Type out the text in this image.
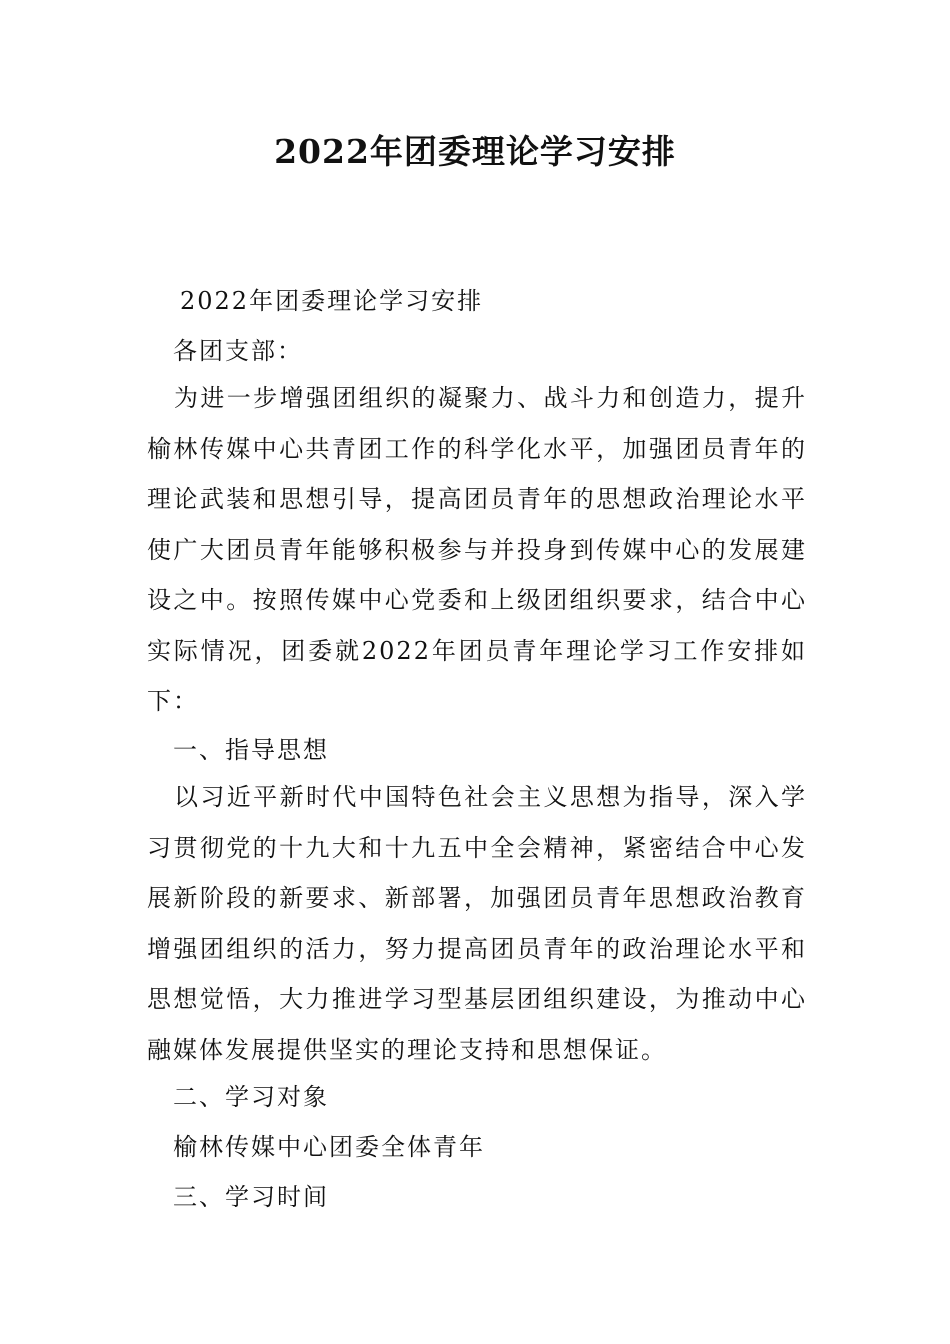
2022年团委理论学习安排
2022年团委理论学习安排
各团支部：
为进一步增强团组织的凝聚力、战斗力和创造力，提升榆林传媒中心共青团工作的科学化水平，加强团员青年的理论武装和思想引导，提高团员青年的思想政治理论水平使广大团员青年能够积极参与并投身到传媒中心的发展建设之中。按照传媒中心党委和上级团组织要求，结合中心实际情况，团委就2022年团员青年理论学习工作安排如下：
一、指导思想
以习近平新时代中国特色社会主义思想为指导，深入学习贯彻党的十九大和十九五中全会精神，紧密结合中心发展新阶段的新要求、新部署，加强团员青年思想政治教育增强团组织的活力，努力提高团员青年的政治理论水平和思想觉悟，大力推进学习型基层团组织建设，为推动中心融媒体发展提供坚实的理论支持和思想保证。
二、学习对象
榆林传媒中心团委全体青年
三、学习时间
